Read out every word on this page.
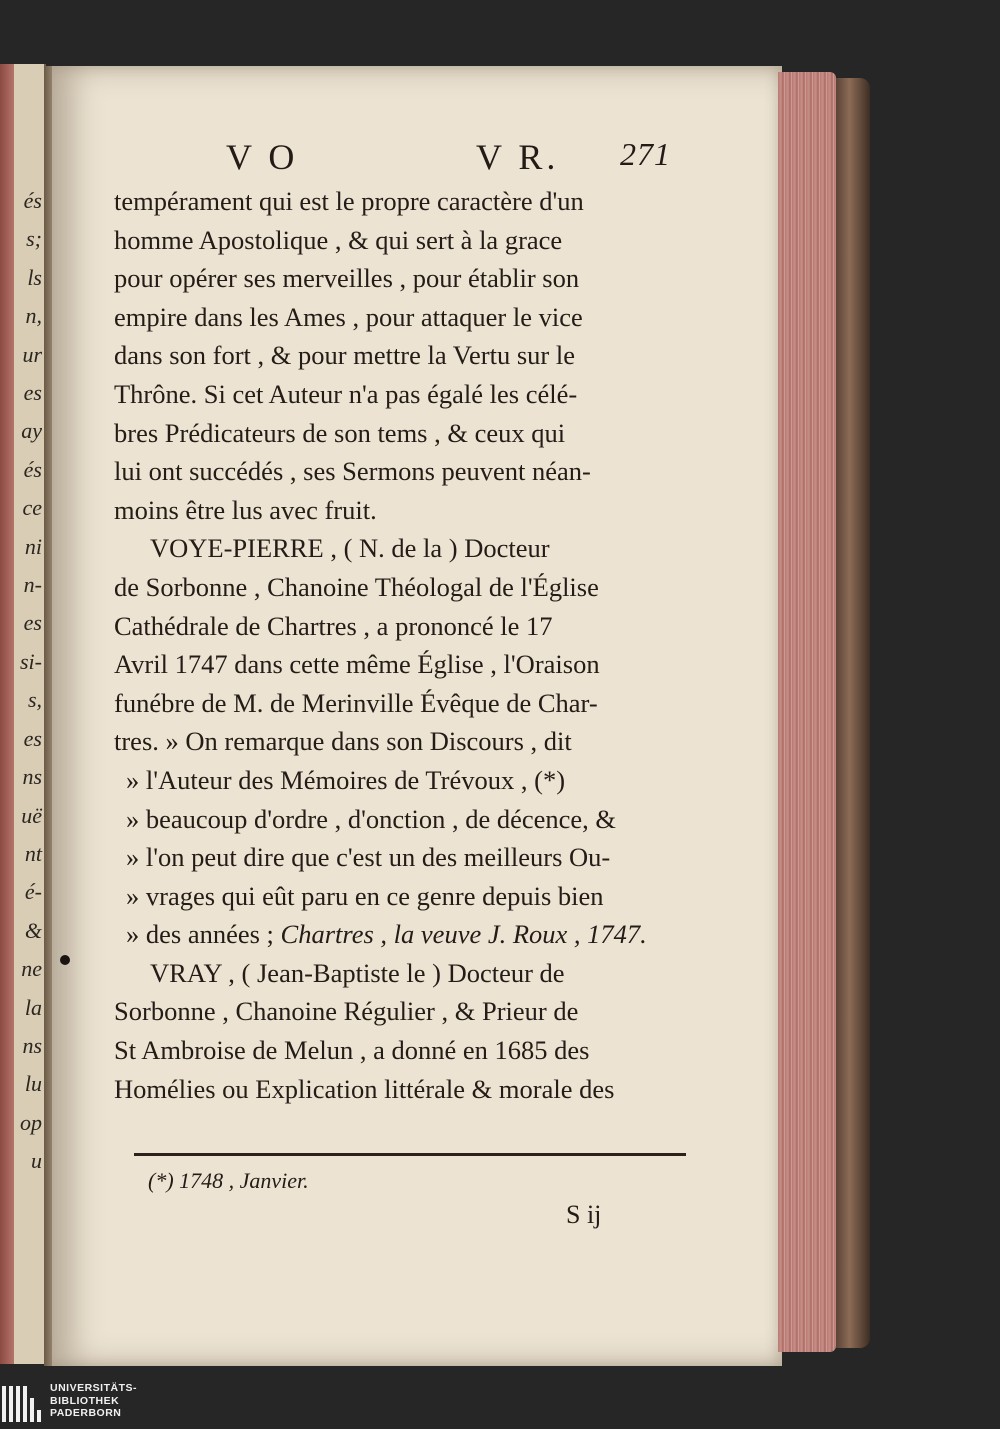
és
s;
ls
n,
ur
es
ay
és
ce
ni
n-
es
si-
s,
es
ns
uë
nt
é-
&
ne
la
ns
lu
op
u
V O	V R. 271
tempérament qui est le propre caractère d'un
homme Apostolique , & qui sert à la grace
pour opérer ses merveilles , pour établir son
empire dans les Ames , pour attaquer le vice
dans son fort , & pour mettre la Vertu sur le
Thrône. Si cet Auteur n'a pas égalé les célé-
bres Prédicateurs de son tems , & ceux qui
lui ont succédés , ses Sermons peuvent néan-
moins être lus avec fruit.
VOYE-PIERRE , ( N. de la ) Docteur
de Sorbonne , Chanoine Théologal de l'Église
Cathédrale de Chartres , a prononcé le 17
Avril 1747 dans cette même Église , l'Oraison
funébre de M. de Merinville Évêque de Char-
tres. » On remarque dans son Discours , dit
» l'Auteur des Mémoires de Trévoux , (*)
» beaucoup d'ordre , d'onction , de décence, &
» l'on peut dire que c'est un des meilleurs Ou-
» vrages qui eût paru en ce genre depuis bien
» des années ;
Chartres , la veuve J. Roux , 1747.
VRAY , ( Jean-Baptiste le ) Docteur de
Sorbonne , Chanoine Régulier , & Prieur de
St Ambroise de Melun , a donné en 1685 des
Homélies ou Explication littérale & morale des
(*) 1748 , Janvier.
S ij
UNIVERSITÄTS-
BIBLIOTHEK
PADERBORN
